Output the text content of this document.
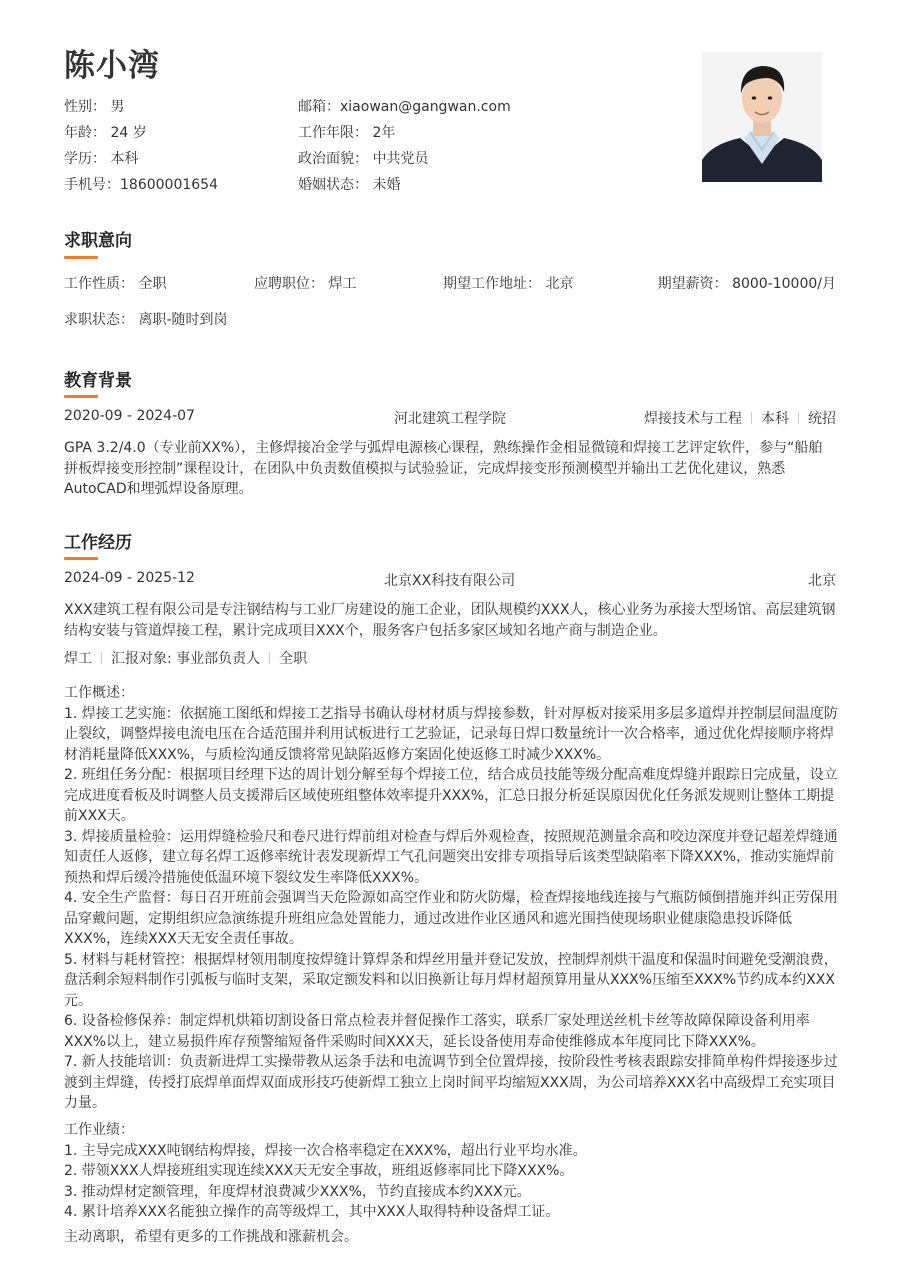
陈小湾
性别： 男
年龄： 24 岁
学历： 本科
手机号：18600001654
邮箱：xiaowan@gangwan.com
工作年限： 2年
政治面貌： 中共党员
婚姻状态： 未婚
求职意向
工作性质： 全职	应聘职位： 焊工	期望工作地址： 北京	期望薪资： 8000-10000/月
求职状态： 离职-随时到岗
教育背景
2020-09 - 2024-07	河北建筑工程学院	焊接技术与工程 本科 统招
GPA 3.2/4.0（专业前XX%），主修焊接冶金学与弧焊电源核心课程，熟练操作金相显微镜和焊接工艺评定软件，参与“船舶
拼板焊接变形控制”课程设计，在团队中负责数值模拟与试验验证，完成焊接变形预测模型并输出工艺优化建议，熟悉
AutoCAD和埋弧焊设备原理。
工作经历
2024-09 - 2025-12	北京XX科技有限公司	北京
XXX建筑工程有限公司是专注钢结构与工业厂房建设的施工企业，团队规模约XXX人，核心业务为承接大型场馆、高层建筑钢
结构安装与管道焊接工程，累计完成项目XXX个，服务客户包括多家区域知名地产商与制造企业。
焊工 汇报对象: 事业部负责人 全职
工作概述：
1. 焊接工艺实施：依据施工图纸和焊接工艺指导书确认母材材质与焊接参数，针对厚板对接采用多层多道焊并控制层间温度防
止裂纹，调整焊接电流电压在合适范围并利用试板进行工艺验证，记录每日焊口数量统计一次合格率，通过优化焊接顺序将焊
材消耗量降低XXX%，与质检沟通反馈将常见缺陷返修方案固化使返修工时减少XXX%。
2. 班组任务分配：根据项目经理下达的周计划分解至每个焊接工位，结合成员技能等级分配高难度焊缝并跟踪日完成量，设立
完成进度看板及时调整人员支援滞后区域使班组整体效率提升XXX%，汇总日报分析延误原因优化任务派发规则让整体工期提
前XXX天。
3. 焊接质量检验：运用焊缝检验尺和卷尺进行焊前组对检查与焊后外观检查，按照规范测量余高和咬边深度并登记超差焊缝通
知责任人返修，建立每名焊工返修率统计表发现新焊工气孔问题突出安排专项指导后该类型缺陷率下降XXX%，推动实施焊前
预热和焊后缓冷措施使低温环境下裂纹发生率降低XXX%。
4. 安全生产监督：每日召开班前会强调当天危险源如高空作业和防火防爆，检查焊接地线连接与气瓶防倾倒措施并纠正劳保用
品穿戴问题，定期组织应急演练提升班组应急处置能力，通过改进作业区通风和遮光围挡使现场职业健康隐患投诉降低
XXX%，连续XXX天无安全责任事故。
5. 材料与耗材管控：根据焊材领用制度按焊缝计算焊条和焊丝用量并登记发放，控制焊剂烘干温度和保温时间避免受潮浪费，
盘活剩余短料制作引弧板与临时支架，采取定额发料和以旧换新让每月焊材超预算用量从XXX%压缩至XXX%节约成本约XXX
元。
6. 设备检修保养：制定焊机烘箱切割设备日常点检表并督促操作工落实，联系厂家处理送丝机卡丝等故障保障设备利用率
XXX%以上，建立易损件库存预警缩短备件采购时间XXX天，延长设备使用寿命使维修成本年度同比下降XXX%。
7. 新人技能培训：负责新进焊工实操带教从运条手法和电流调节到全位置焊接，按阶段性考核表跟踪安排简单构件焊接逐步过
渡到主焊缝，传授打底焊单面焊双面成形技巧使新焊工独立上岗时间平均缩短XXX周，为公司培养XXX名中高级焊工充实项目
力量。
工作业绩：
1. 主导完成XXX吨钢结构焊接，焊接一次合格率稳定在XXX%，超出行业平均水准。
2. 带领XXX人焊接班组实现连续XXX天无安全事故，班组返修率同比下降XXX%。
3. 推动焊材定额管理，年度焊材浪费减少XXX%，节约直接成本约XXX元。
4. 累计培养XXX名能独立操作的高等级焊工，其中XXX人取得特种设备焊工证。
主动离职，希望有更多的工作挑战和涨薪机会。
